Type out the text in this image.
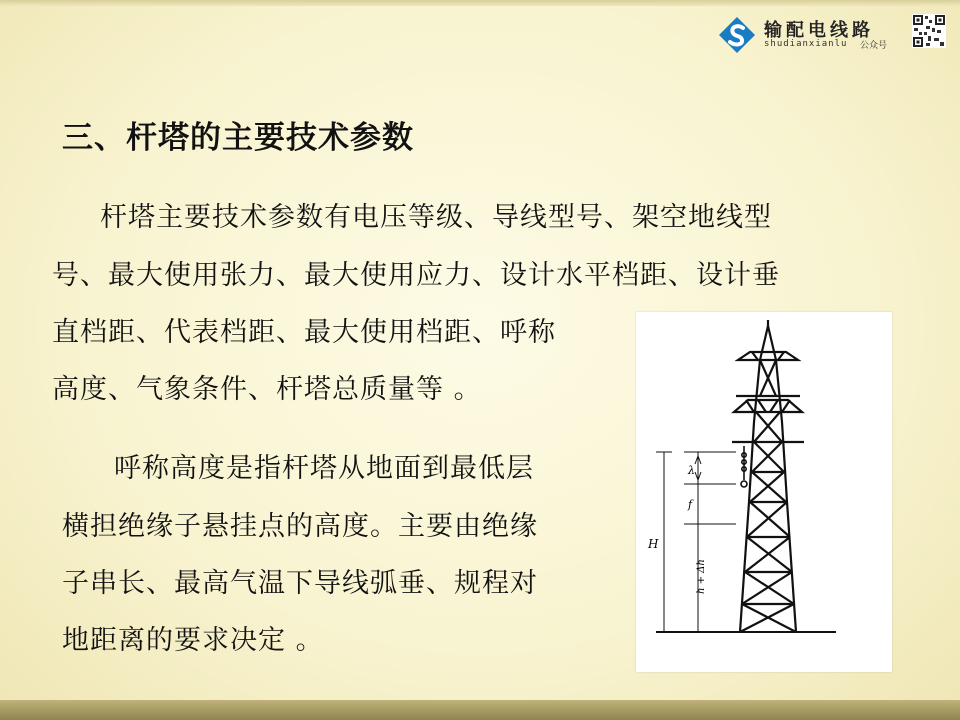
输配电线路
shudianxianlu 公众号
三、杆塔的主要技术参数
杆塔主要技术参数有电压等级、导线型号、架空地线型
号、最大使用张力、最大使用应力、设计水平档距、设计垂
直档距、代表档距、最大使用档距、呼称
高度、气象条件、杆塔总质量等 。
呼称高度是指杆塔从地面到最低层
横担绝缘子悬挂点的高度。主要由绝缘
子串长、最高气温下导线弧垂、规程对
地距离的要求决定 。
λ
f
H
h + Δh
